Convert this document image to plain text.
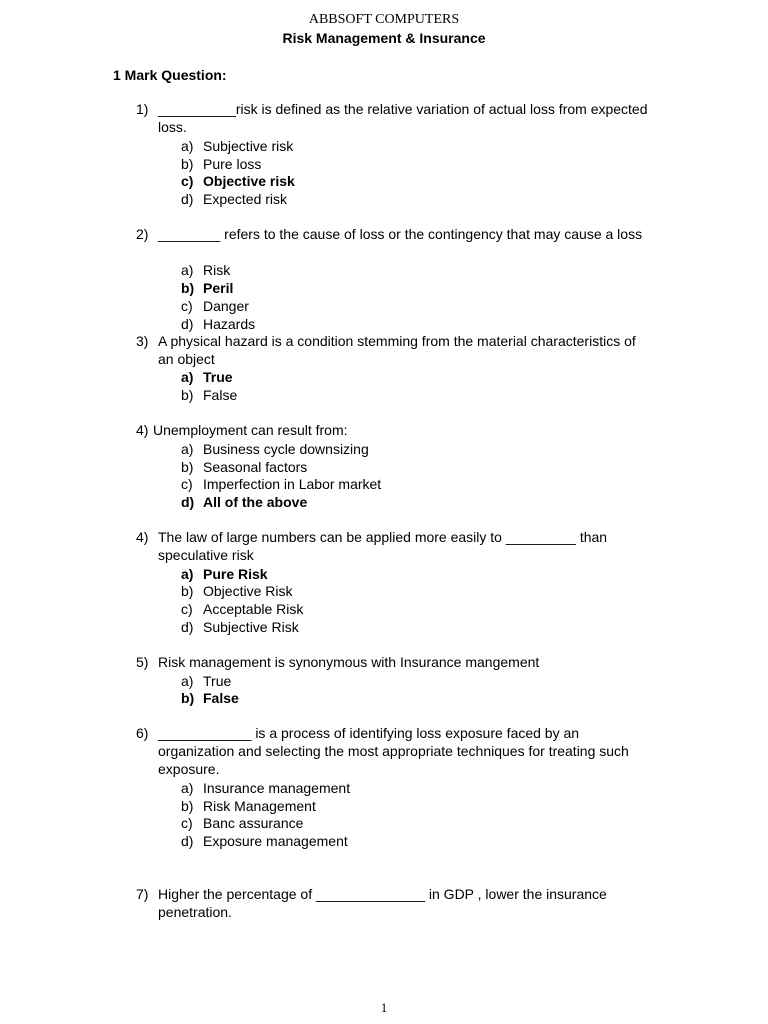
ABBSOFT COMPUTERS
Risk Management & Insurance
1 Mark Question:
1) __________risk is defined as the relative variation of actual loss from expected loss.
a) Subjective risk
b) Pure loss
c) Objective risk
d) Expected risk
2) ________ refers to the cause of loss or the contingency that may cause a loss
a) Risk
b) Peril
c) Danger
d) Hazards
3) A physical hazard is a condition stemming from the material characteristics of an object
a) True
b) False
4) Unemployment can result from:
a) Business cycle downsizing
b) Seasonal factors
c) Imperfection in Labor market
d) All of the above
4) The law of large numbers can be applied more easily to _________ than speculative risk
a) Pure Risk
b) Objective Risk
c) Acceptable Risk
d) Subjective Risk
5) Risk management is synonymous with Insurance mangement
a) True
b) False
6) ____________ is a process of identifying loss exposure faced by an organization and selecting the most appropriate techniques for treating such exposure.
a) Insurance management
b) Risk Management
c) Banc assurance
d) Exposure management
7) Higher the percentage of ______________ in GDP , lower the insurance penetration.
1
